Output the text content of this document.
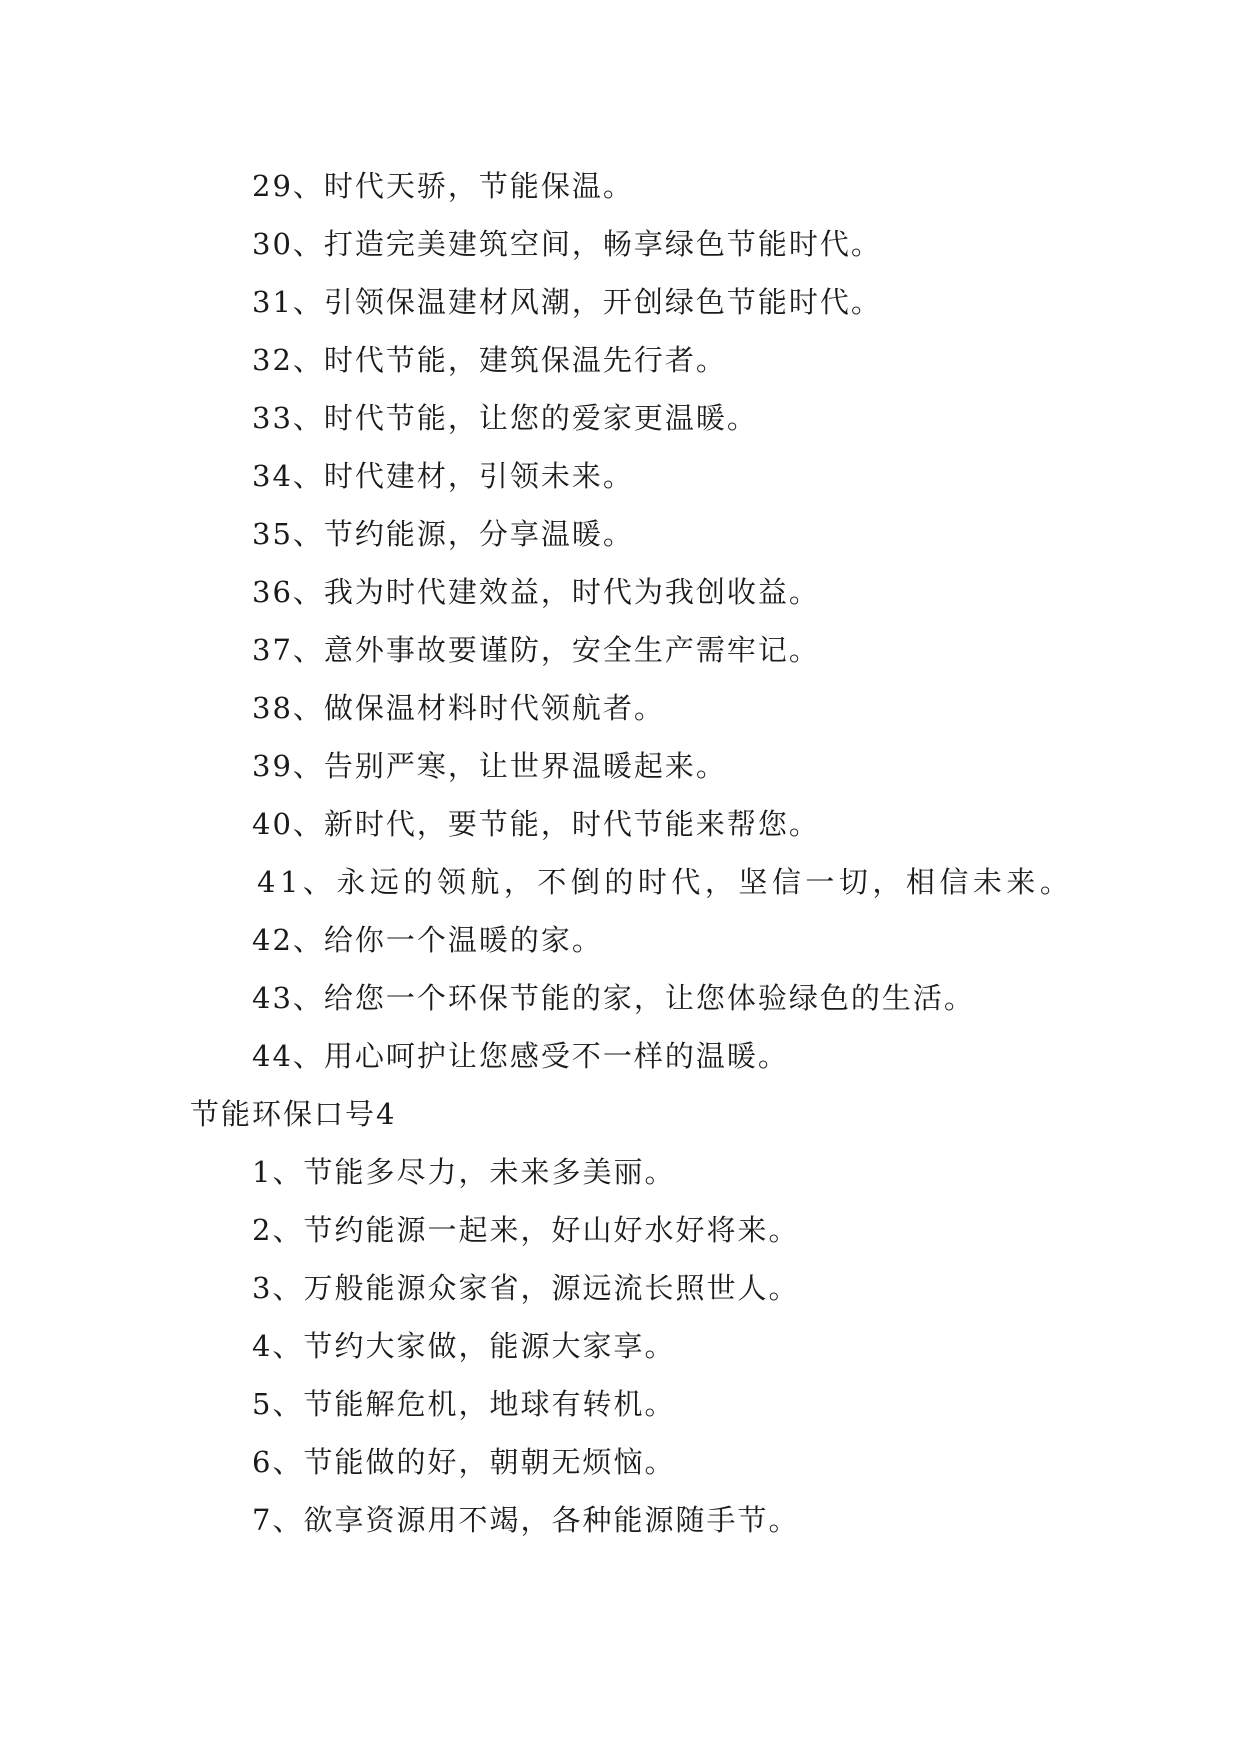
29、时代天骄，节能保温。
30、打造完美建筑空间，畅享绿色节能时代。
31、引领保温建材风潮，开创绿色节能时代。
32、时代节能，建筑保温先行者。
33、时代节能，让您的爱家更温暖。
34、时代建材，引领未来。
35、节约能源，分享温暖。
36、我为时代建效益，时代为我创收益。
37、意外事故要谨防，安全生产需牢记。
38、做保温材料时代领航者。
39、告别严寒，让世界温暖起来。
40、新时代，要节能，时代节能来帮您。
41、永远的领航，不倒的时代，坚信一切，相信未来。
42、给你一个温暖的家。
43、给您一个环保节能的家，让您体验绿色的生活。
44、用心呵护让您感受不一样的温暖。
节能环保口号4
1、节能多尽力，未来多美丽。
2、节约能源一起来，好山好水好将来。
3、万般能源众家省，源远流长照世人。
4、节约大家做，能源大家享。
5、节能解危机，地球有转机。
6、节能做的好，朝朝无烦恼。
7、欲享资源用不竭，各种能源随手节。
